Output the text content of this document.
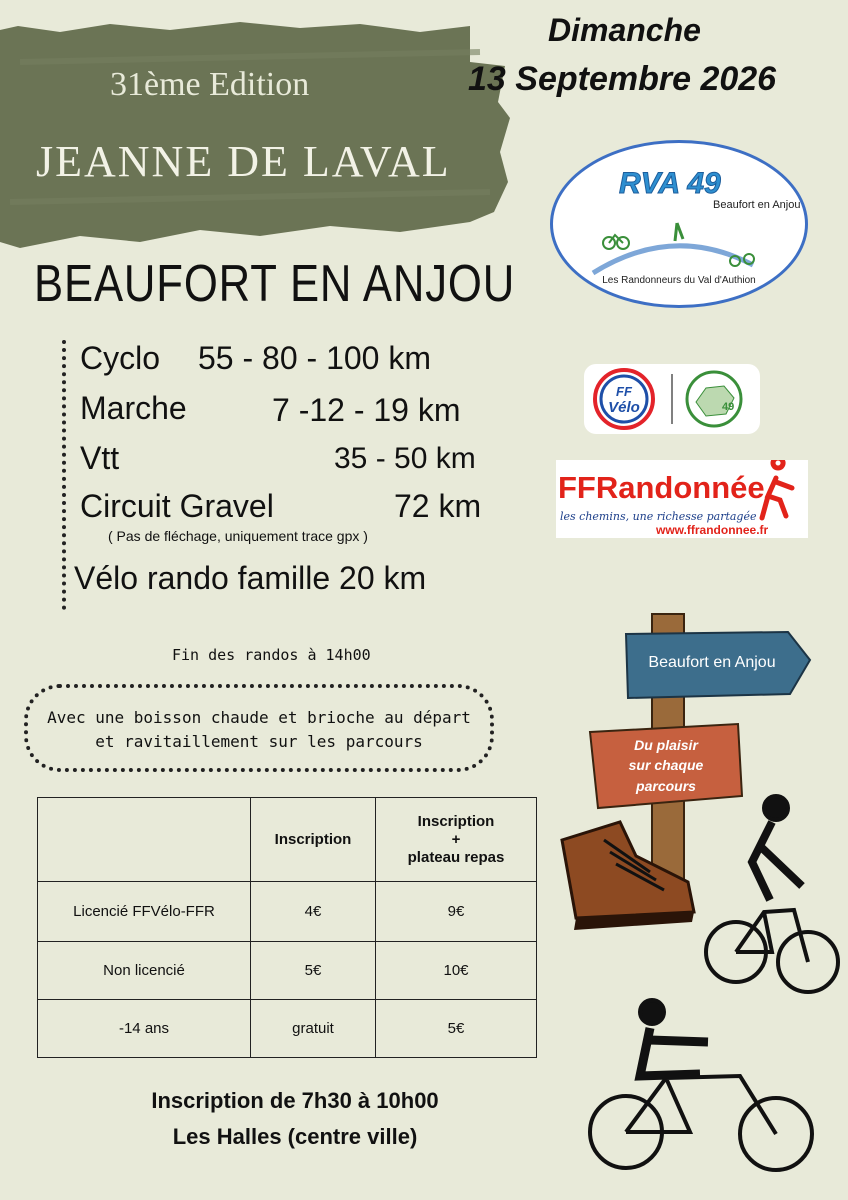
31ème Edition
JEANNE DE LAVAL
Dimanche
13 Septembre 2026
BEAUFORT EN ANJOU
Cyclo 55 - 80 - 100 km
Marche	7 -12 - 19 km
Vtt	35 - 50 km
Circuit Gravel	72 km
( Pas de fléchage, uniquement trace gpx )
Vélo rando famille 20 km
Fin des randos à 14h00
Avec une boisson chaude et brioche au départ et ravitaillement sur les parcours
	Inscription	Inscription
+
plateau repas
Licencié FFVélo-FFR	4€	9€
Non licencié	5€	10€
-14 ans	gratuit	5€
Inscription de 7h30 à 10h00
Les Halles (centre ville)
RVA 49
Beaufort en Anjou
Les Randonneurs du Val d'Authion
FF
Vélo	49
FFRandonnée
les chemins, une richesse partagée
www.ffrandonnee.fr
Beaufort en Anjou
Du plaisir
sur chaque
parcours
